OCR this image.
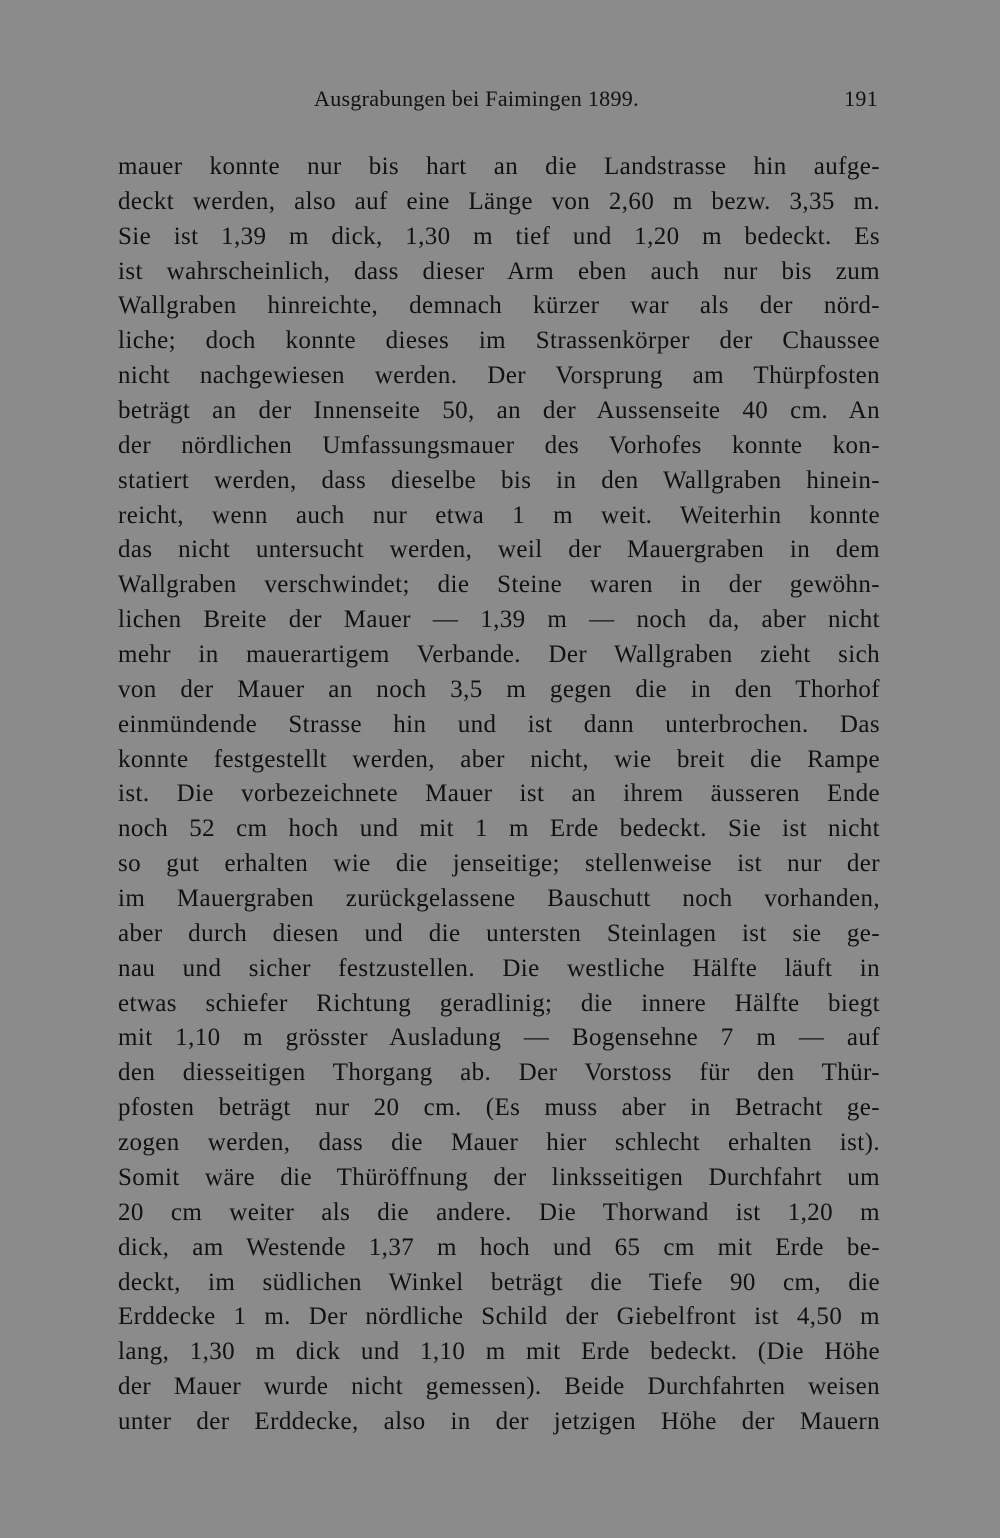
Ausgrabungen bei Faimingen 1899.	191
mauer konnte nur bis hart an die Landstrasse hin aufge-
deckt werden, also auf eine Länge von 2,60 m bezw. 3,35 m.
Sie ist 1,39 m dick, 1,30 m tief und 1,20 m bedeckt. Es
ist wahrscheinlich, dass dieser Arm eben auch nur bis zum
Wallgraben hinreichte, demnach kürzer war als der nörd-
liche; doch konnte dieses im Strassenkörper der Chaussee
nicht nachgewiesen werden. Der Vorsprung am Thürpfosten
beträgt an der Innenseite 50, an der Aussenseite 40 cm. An
der nördlichen Umfassungsmauer des Vorhofes konnte kon-
statiert werden, dass dieselbe bis in den Wallgraben hinein-
reicht, wenn auch nur etwa 1 m weit. Weiterhin konnte
das nicht untersucht werden, weil der Mauergraben in dem
Wallgraben verschwindet; die Steine waren in der gewöhn-
lichen Breite der Mauer — 1,39 m — noch da, aber nicht
mehr in mauerartigem Verbande. Der Wallgraben zieht sich
von der Mauer an noch 3,5 m gegen die in den Thorhof
einmündende Strasse hin und ist dann unterbrochen. Das
konnte festgestellt werden, aber nicht, wie breit die Rampe
ist. Die vorbezeichnete Mauer ist an ihrem äusseren Ende
noch 52 cm hoch und mit 1 m Erde bedeckt. Sie ist nicht
so gut erhalten wie die jenseitige; stellenweise ist nur der
im Mauergraben zurückgelassene Bauschutt noch vorhanden,
aber durch diesen und die untersten Steinlagen ist sie ge-
nau und sicher festzustellen. Die westliche Hälfte läuft in
etwas schiefer Richtung geradlinig; die innere Hälfte biegt
mit 1,10 m grösster Ausladung — Bogensehne 7 m — auf
den diesseitigen Thorgang ab. Der Vorstoss für den Thür-
pfosten beträgt nur 20 cm. (Es muss aber in Betracht ge-
zogen werden, dass die Mauer hier schlecht erhalten ist).
Somit wäre die Thüröffnung der linksseitigen Durchfahrt um
20 cm weiter als die andere. Die Thorwand ist 1,20 m
dick, am Westende 1,37 m hoch und 65 cm mit Erde be-
deckt, im südlichen Winkel beträgt die Tiefe 90 cm, die
Erddecke 1 m. Der nördliche Schild der Giebelfront ist 4,50 m
lang, 1,30 m dick und 1,10 m mit Erde bedeckt. (Die Höhe
der Mauer wurde nicht gemessen). Beide Durchfahrten weisen
unter der Erddecke, also in der jetzigen Höhe der Mauern
